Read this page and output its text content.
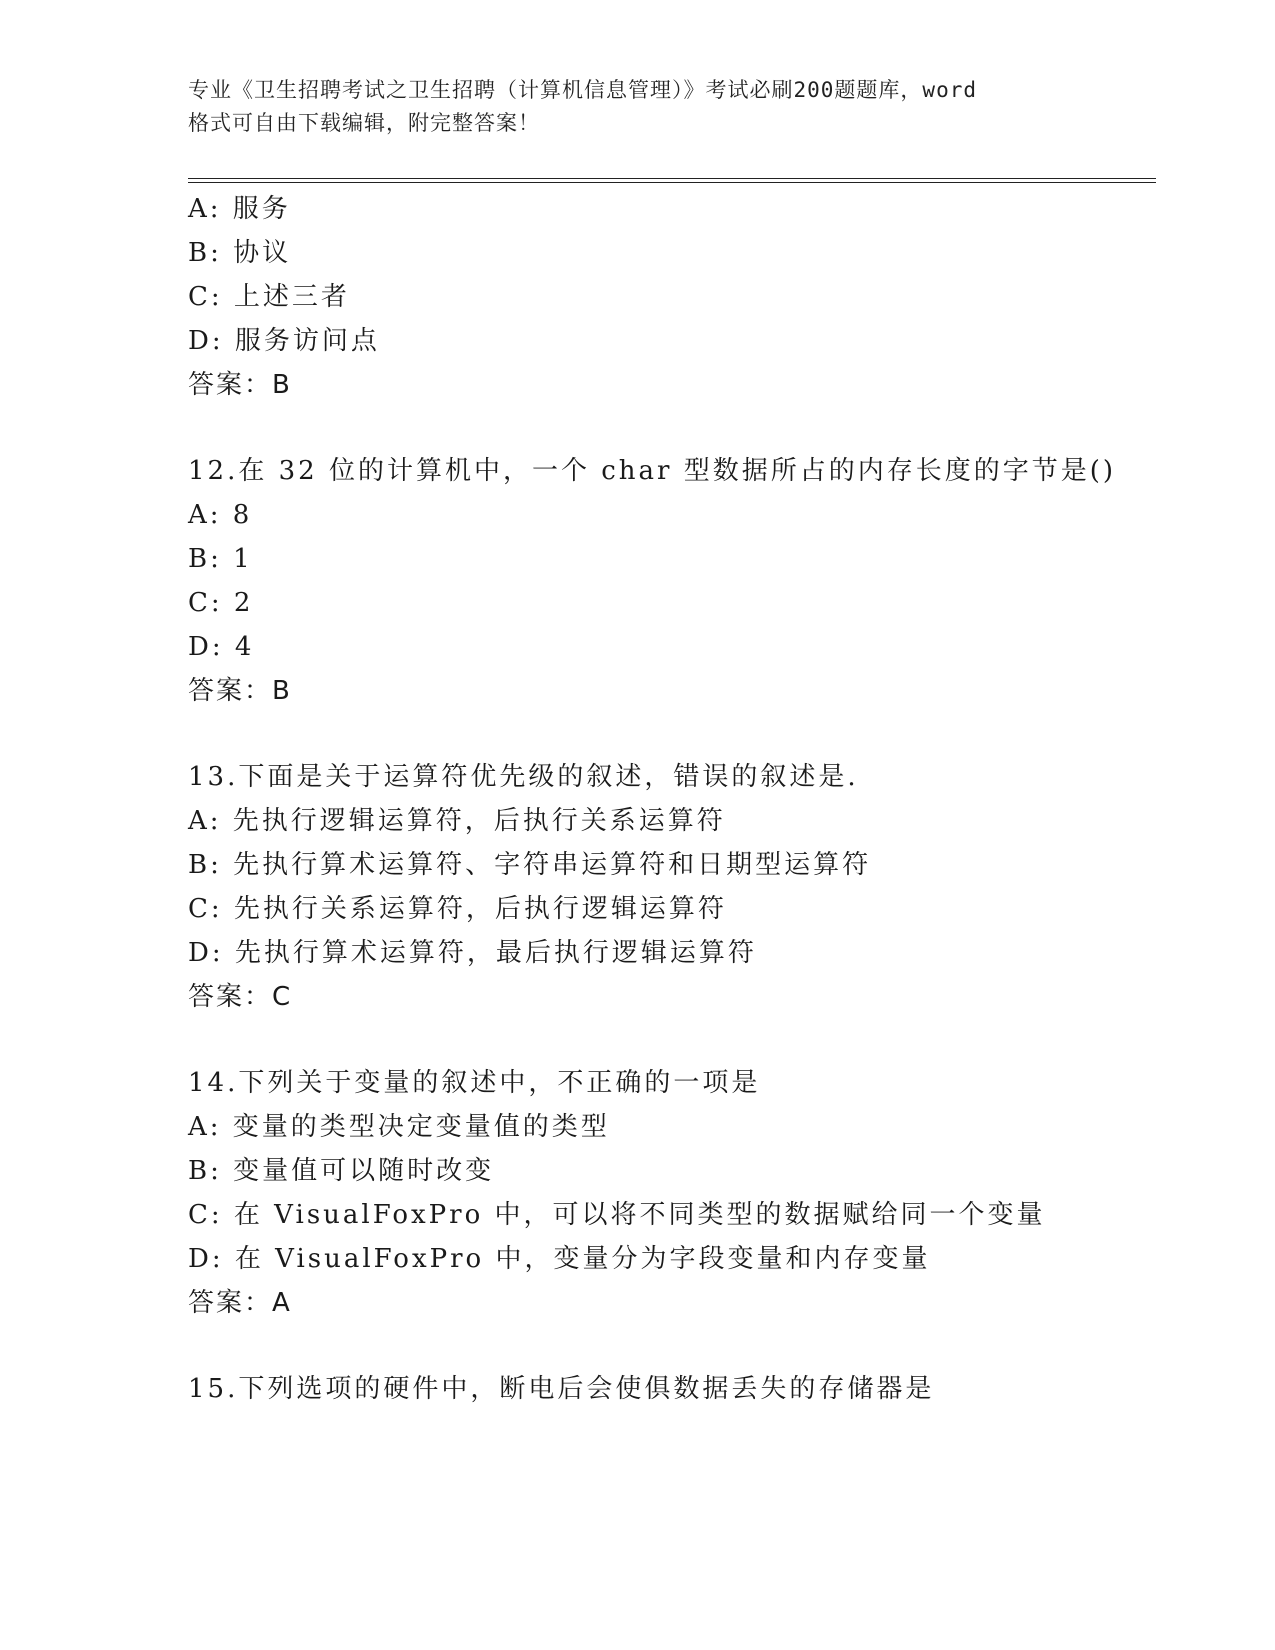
专业《卫生招聘考试之卫生招聘（计算机信息管理）》考试必刷200题题库，word
格式可自由下载编辑，附完整答案！
A: 服务
B: 协议
C: 上述三者
D: 服务访问点
答案：B
12.在 32 位的计算机中，一个 char 型数据所占的内存长度的字节是()
A: 8
B: 1
C: 2
D: 4
答案：B
13.下面是关于运算符优先级的叙述，错误的叙述是.
A: 先执行逻辑运算符，后执行关系运算符
B: 先执行算术运算符、字符串运算符和日期型运算符
C: 先执行关系运算符，后执行逻辑运算符
D: 先执行算术运算符，最后执行逻辑运算符
答案：C
14.下列关于变量的叙述中，不正确的一项是
A: 变量的类型决定变量值的类型
B: 变量值可以随时改变
C: 在 VisualFoxPro 中，可以将不同类型的数据赋给同一个变量
D: 在 VisualFoxPro 中，变量分为字段变量和内存变量
答案：A
15.下列选项的硬件中，断电后会使俱数据丢失的存储器是
